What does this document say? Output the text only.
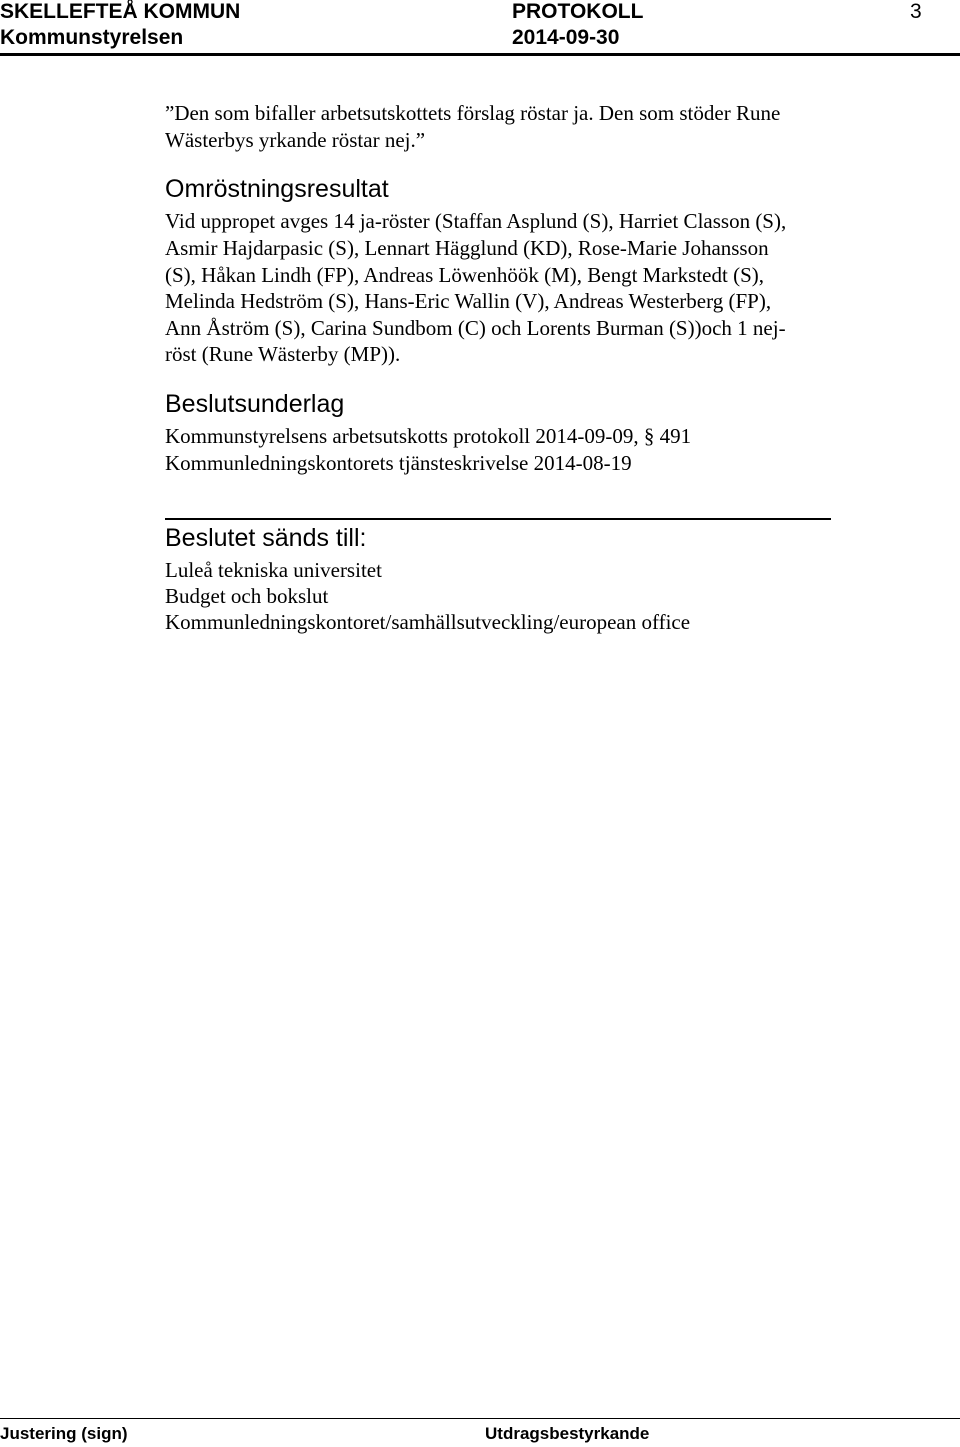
SKELLEFTEÅ KOMMUN
Kommunstyrelsen
PROTOKOLL
2014-09-30
3
”Den som bifaller arbetsutskottets förslag röstar ja. Den som stöder Rune
Wästerbys yrkande röstar nej.”
Omröstningsresultat
Vid uppropet avges 14 ja-röster (Staffan Asplund (S), Harriet Classon (S),
Asmir Hajdarpasic (S), Lennart Hägglund (KD), Rose-Marie Johansson
(S), Håkan Lindh (FP), Andreas Löwenhöök (M), Bengt Markstedt (S),
Melinda Hedström (S), Hans-Eric Wallin (V), Andreas Westerberg (FP),
Ann Åström (S), Carina Sundbom (C) och Lorents Burman (S))och 1 nej-
röst (Rune Wästerby (MP)).
Beslutsunderlag
Kommunstyrelsens arbetsutskotts protokoll 2014-09-09, § 491
Kommunledningskontorets tjänsteskrivelse 2014-08-19
Beslutet sänds till:
Luleå tekniska universitet
Budget och bokslut
Kommunledningskontoret/samhällsutveckling/european office
Justering (sign)	Utdragsbestyrkande
